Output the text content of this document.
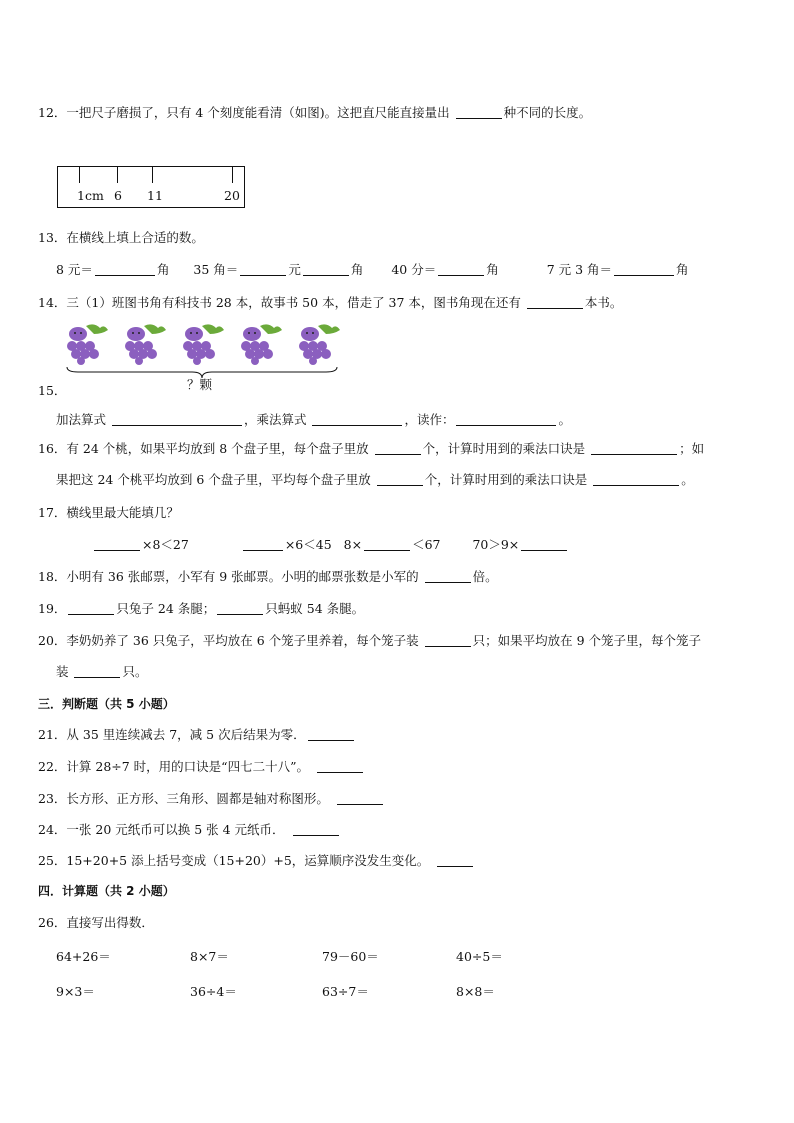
12．一把尺子磨损了，只有 4 个刻度能看清（如图)。这把直尺能直接量出	种不同的长度。
1cm 6 11	20
13．在横线上填上合适的数。
8 元＝	角 35 角＝	元	角 40 分＝	角	7 元 3 角＝	角
14．三（1）班图书角有科技书 28 本，故事书 50 本，借走了 37 本，图书角现在还有	本书。
？颗
15．
加法算式	，乘法算式	，读作：	。
16．有 24 个桃，如果平均放到 8 个盘子里，每个盘子里放	个，计算时用到的乘法口诀是	；如
果把这 24 个桃平均放到 6 个盘子里，平均每个盘子里放	个，计算时用到的乘法口诀是	。
17．横线里最大能填几？
×8＜27	×6＜45 8×	＜67	70＞9×
18．小明有 36 张邮票，小军有 9 张邮票。小明的邮票张数是小军的	倍。
19．	只兔子 24 条腿；	只蚂蚁 54 条腿。
20．李奶奶养了 36 只兔子，平均放在 6 个笼子里养着，每个笼子装	只；如果平均放在 9 个笼子里，每个笼子
装	只。
三．判断题（共 5 小题）
21．从 35 里连续减去 7，减 5 次后结果为零．
22．计算 28÷7 时，用的口诀是“四七二十八”。
23．长方形、正方形、三角形、圆都是轴对称图形。
24．一张 20 元纸币可以换 5 张 4 元纸币．
25．15+20+5 添上括号变成（15+20）+5，运算顺序没发生变化。
四．计算题（共 2 小题）
26．直接写出得数．
64+26＝	8×7＝	79－60＝	40÷5＝
9×3＝	36÷4＝	63÷7＝	8×8＝
